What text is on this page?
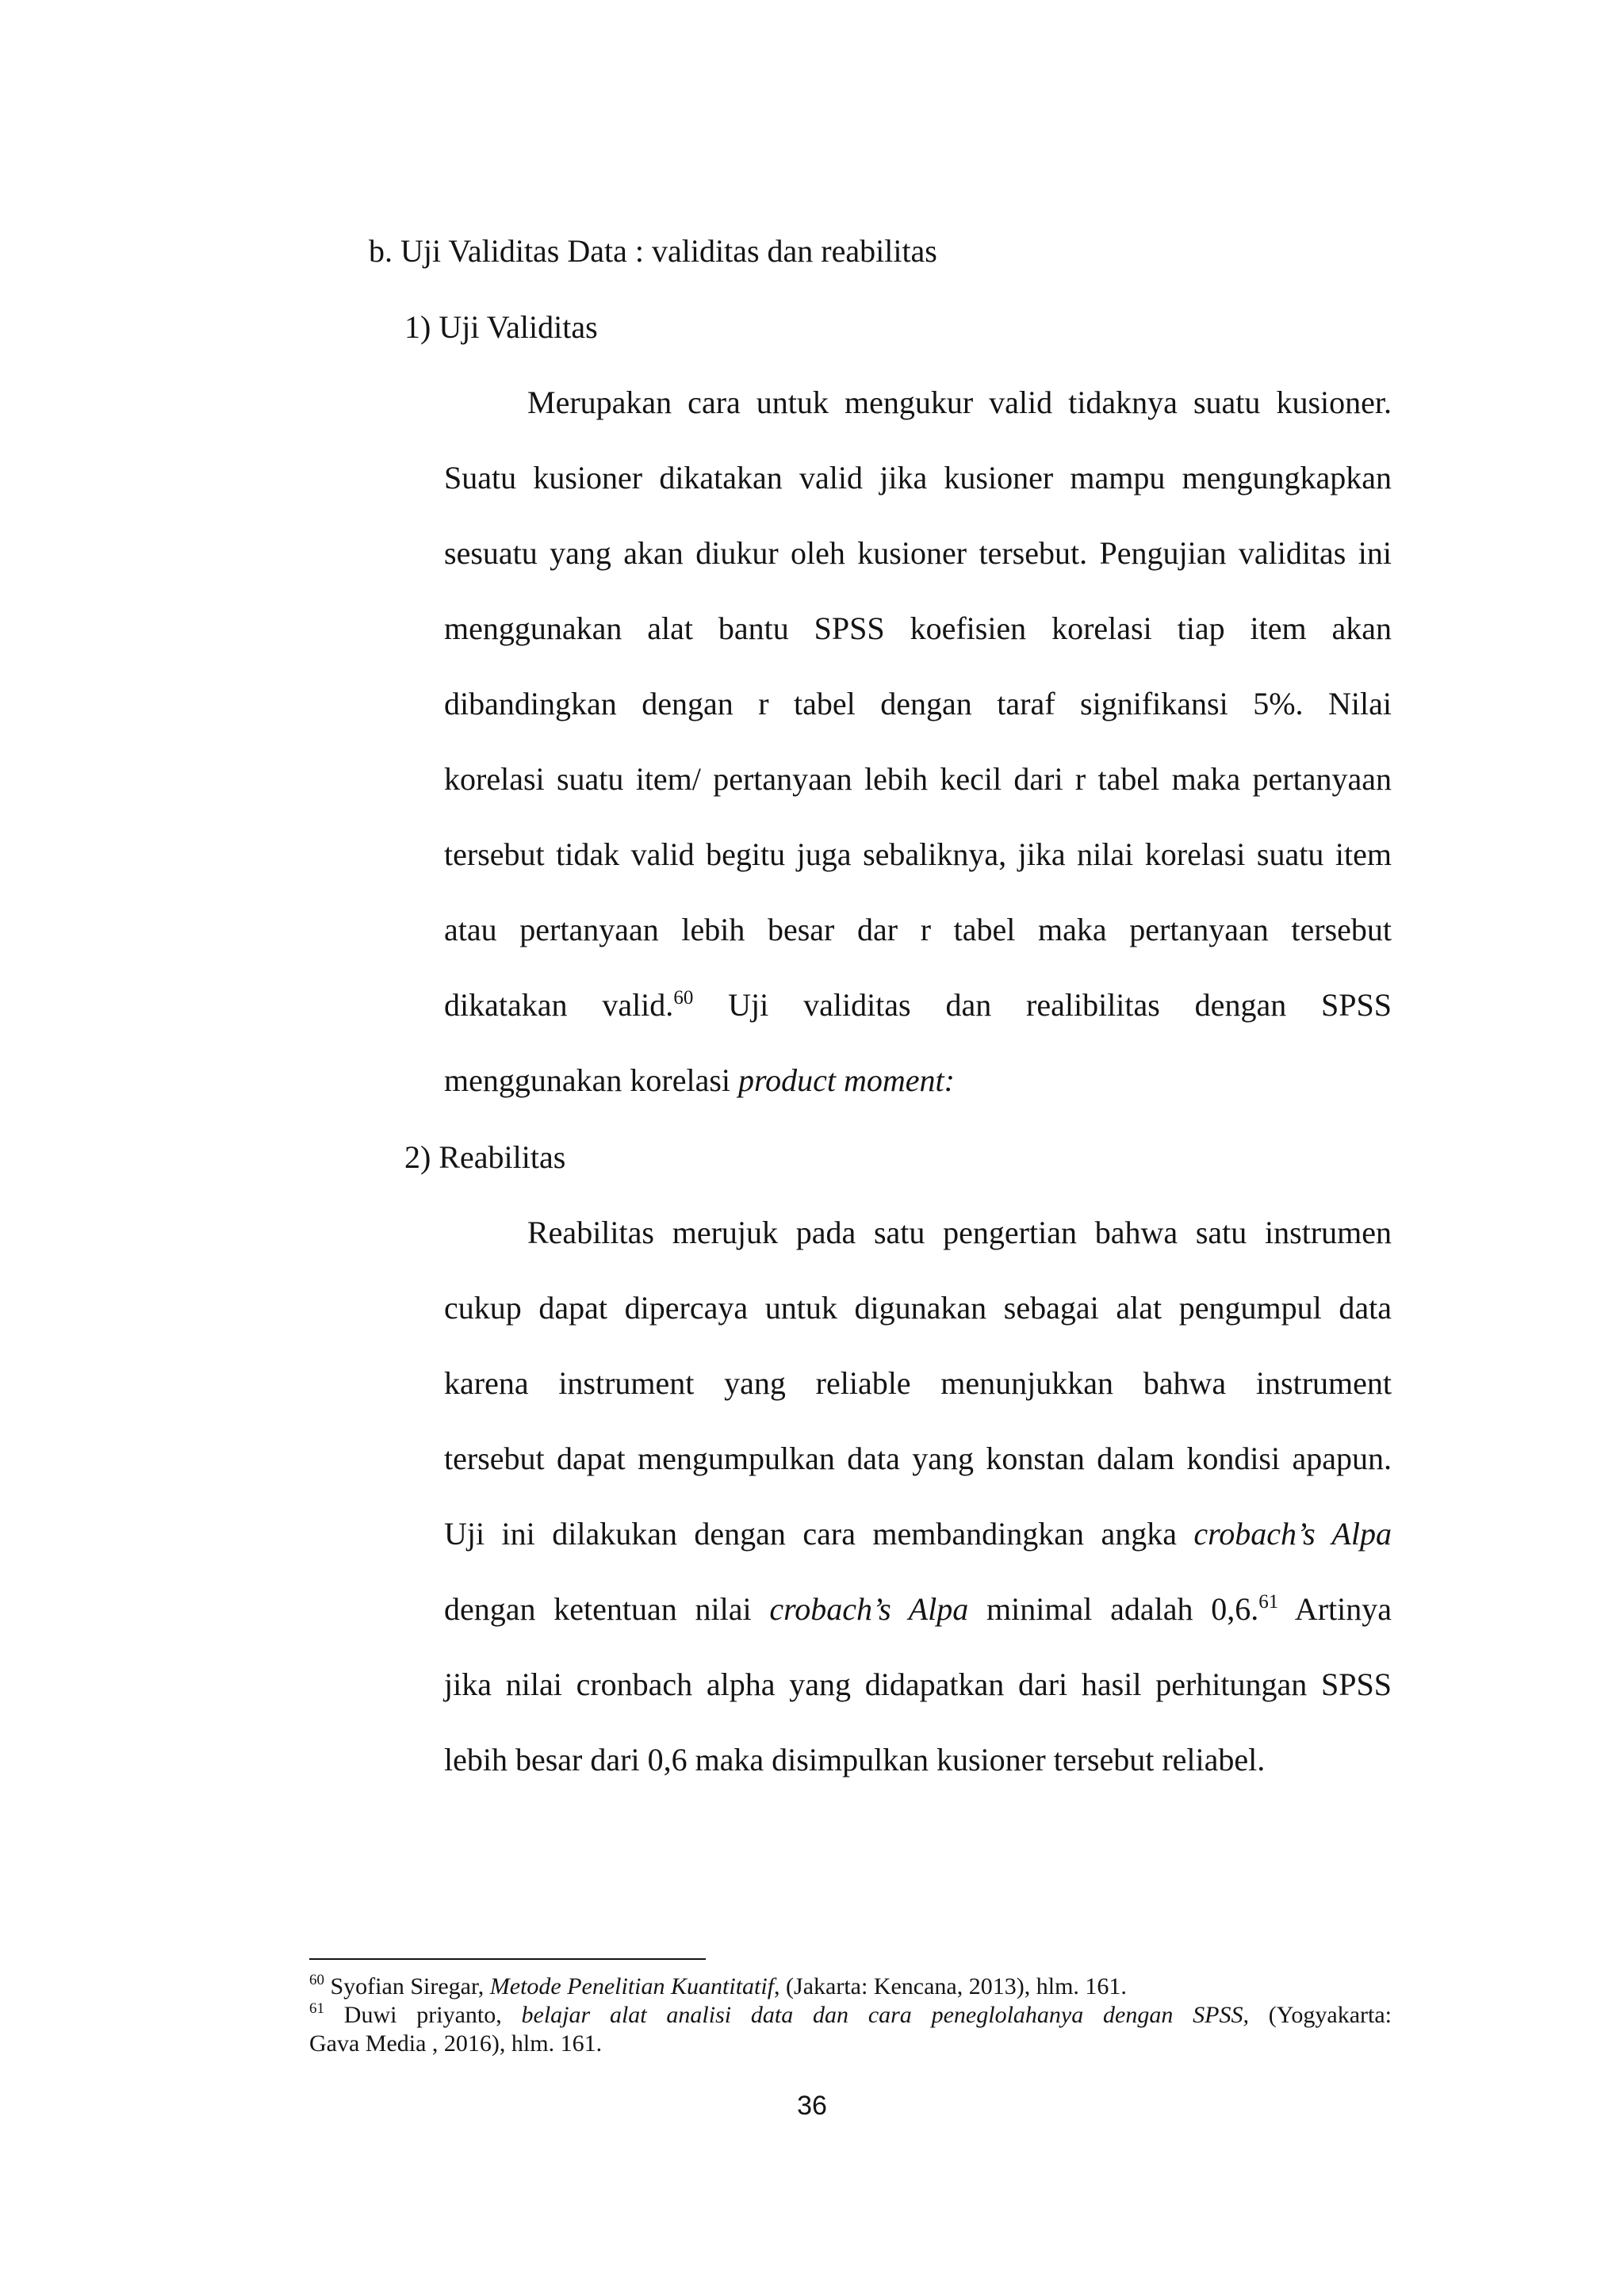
b. Uji Validitas Data : validitas dan reabilitas
1) Uji Validitas
Merupakan cara untuk mengukur valid tidaknya suatu kusioner.
Suatu kusioner dikatakan valid jika kusioner mampu mengungkapkan
sesuatu yang akan diukur oleh kusioner tersebut. Pengujian validitas ini
menggunakan alat bantu SPSS koefisien korelasi tiap item akan
dibandingkan dengan r tabel dengan taraf signifikansi 5%. Nilai
korelasi suatu item/ pertanyaan lebih kecil dari r tabel maka pertanyaan
tersebut tidak valid begitu juga sebaliknya, jika nilai korelasi suatu item
atau pertanyaan lebih besar dar r tabel maka pertanyaan tersebut
dikatakan valid.$^{60}$ Uji validitas dan realibilitas dengan SPSS
menggunakan korelasi product moment:
2) Reabilitas
Reabilitas merujuk pada satu pengertian bahwa satu instrumen
cukup dapat dipercaya untuk digunakan sebagai alat pengumpul data
karena instrument yang reliable menunjukkan bahwa instrument
tersebut dapat mengumpulkan data yang konstan dalam kondisi apapun.
Uji ini dilakukan dengan cara membandingkan angka crobach’s Alpa
dengan ketentuan nilai crobach’s Alpa minimal adalah 0,6.61 Artinya
jika nilai cronbach alpha yang didapatkan dari hasil perhitungan SPSS
lebih besar dari 0,6 maka disimpulkan kusioner tersebut reliabel.
$^{60}$ Syofian Siregar, Metode Penelitian Kuantitatif, (Jakarta: Kencana, 2013), hlm. 161.
$^{61}$ Duwi priyanto, belajar alat analisi data dan cara peneglolahanya dengan SPSS, (Yogyakarta:
Gava Media , 2016), hlm. 161.
36
